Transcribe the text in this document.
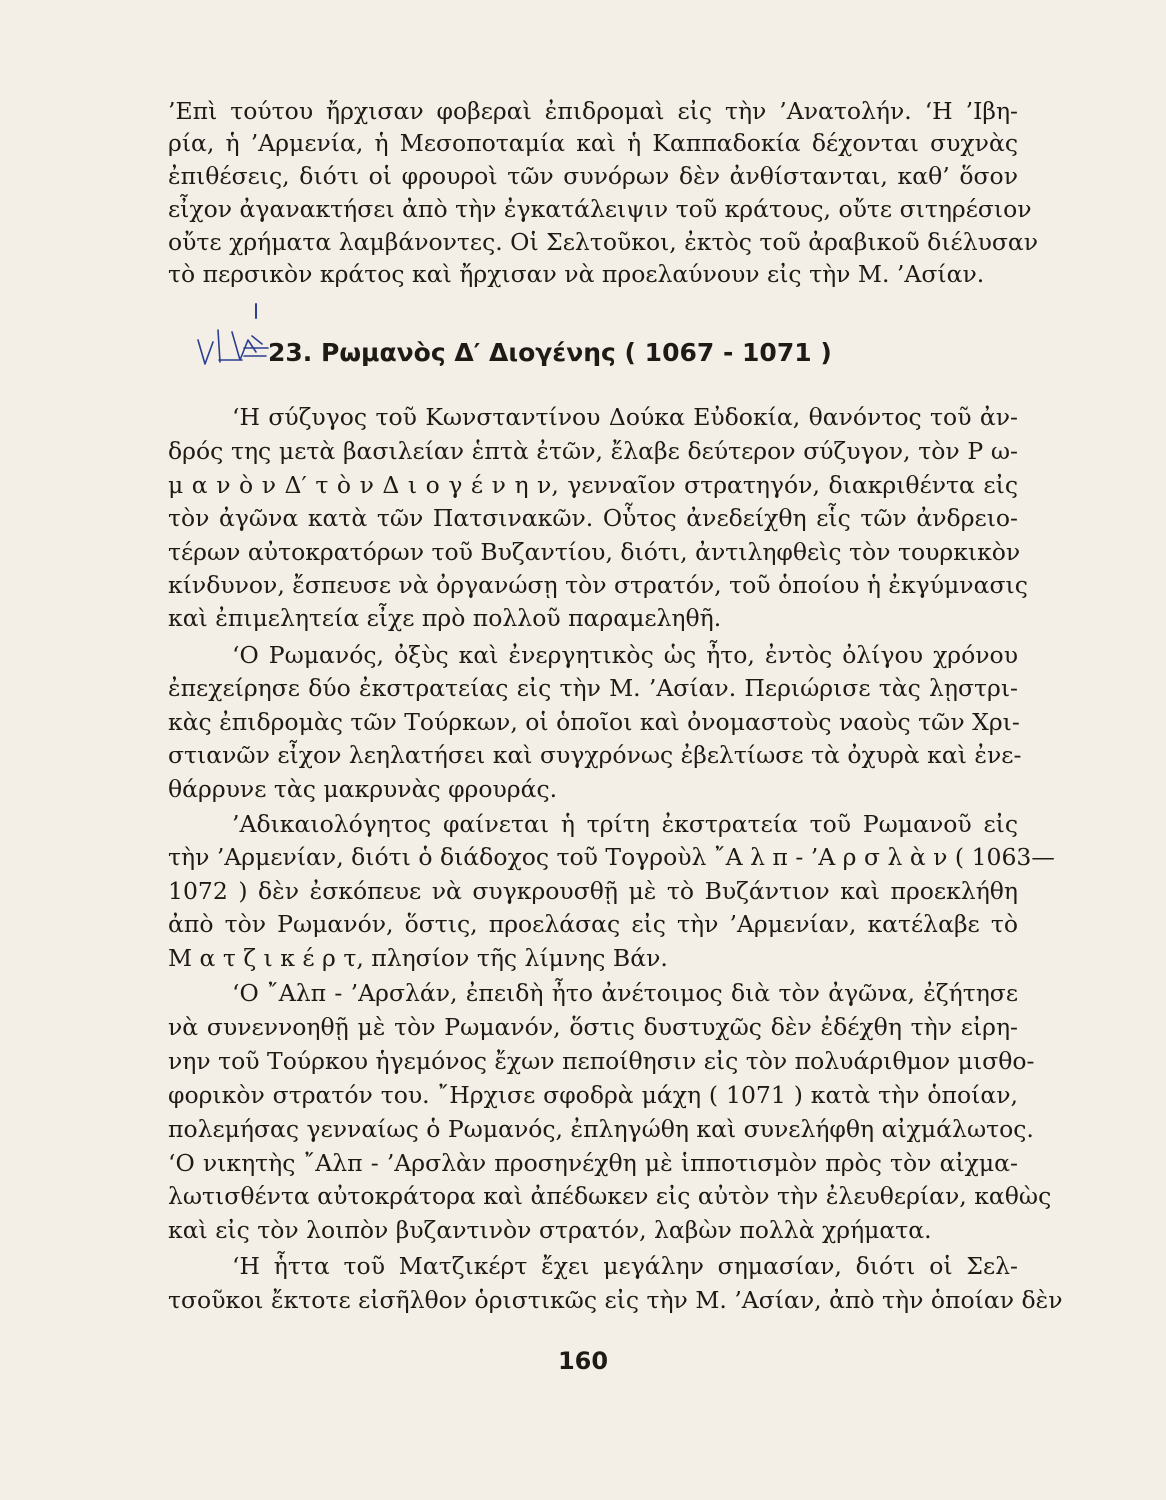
’Επὶ τούτου ἤρχισαν φοβεραὶ ἐπιδρομαὶ εἰς τὴν ’Ανατολήν. ‘Η ’Ιβη-
ρία, ἡ ’Αρμενία, ἡ Μεσοποταμία καὶ ἡ Καππαδοκία δέχονται συχνὰς
ἐπιθέσεις, διότι οἱ φρουροὶ τῶν συνόρων δὲν ἀνθίστανται, καθ’ ὅσον
εἶχον ἀγανακτήσει ἀπὸ τὴν ἐγκατάλειψιν τοῦ κράτους, οὔτε σιτηρέσιον
οὔτε χρήματα λαμβάνοντες. Οἱ Σελτοῦκοι, ἐκτὸς τοῦ ἀραβικοῦ διέλυσαν
τὸ περσικὸν κράτος καὶ ἤρχισαν νὰ προελαύνουν εἰς τὴν Μ. ’Ασίαν.
23. Ρωμανὸς Δ′ Διογένης ( 1067 - 1071 )
‘Η σύζυγος τοῦ Κωνσταντίνου Δούκα Εὐδοκία, θανόντος τοῦ ἀν-
δρός της μετὰ βασιλείαν ἑπτὰ ἐτῶν, ἔλαβε δεύτερον σύζυγον, τὸν Ρ ω-
μ α ν ὸ ν Δ′ τ ὸ ν Δ ι ο γ έ ν η ν, γενναῖον στρατηγόν, διακριθέντα εἰς
τὸν ἀγῶνα κατὰ τῶν Πατσινακῶν. Οὗτος ἀνεδείχθη εἷς τῶν ἀνδρειο-
τέρων αὐτοκρατόρων τοῦ Βυζαντίου, διότι, ἀντιληφθεὶς τὸν τουρκικὸν
κίνδυνον, ἔσπευσε νὰ ὀργανώσῃ τὸν στρατόν, τοῦ ὁποίου ἡ ἐκγύμνασις
καὶ ἐπιμελητεία εἶχε πρὸ πολλοῦ παραμεληθῆ.
‘Ο Ρωμανός, ὀξὺς καὶ ἐνεργητικὸς ὡς ἦτο, ἐντὸς ὀλίγου χρόνου
ἐπεχείρησε δύο ἐκστρατείας εἰς τὴν Μ. ’Ασίαν. Περιώρισε τὰς λῃστρι-
κὰς ἐπιδρομὰς τῶν Τούρκων, οἱ ὁποῖοι καὶ ὀνομαστοὺς ναοὺς τῶν Χρι-
στιανῶν εἶχον λεηλατήσει καὶ συγχρόνως ἐβελτίωσε τὰ ὀχυρὰ καὶ ἐνε-
θάρρυνε τὰς μακρυνὰς φρουράς.
’Αδικαιολόγητος φαίνεται ἡ τρίτη ἐκστρατεία τοῦ Ρωμανοῦ εἰς
τὴν ’Αρμενίαν, διότι ὁ διάδοχος τοῦ Τογροὺλ ῎Α λ π - ’Α ρ σ λ ὰ ν ( 1063—
1072 ) δὲν ἐσκόπευε νὰ συγκρουσθῇ μὲ τὸ Βυζάντιον καὶ προεκλήθη
ἀπὸ τὸν Ρωμανόν, ὅστις, προελάσας εἰς τὴν ’Αρμενίαν, κατέλαβε τὸ
Μ α τ ζ ι κ έ ρ τ, πλησίον τῆς λίμνης Βάν.
‘Ο ῎Αλπ - ’Αρσλάν, ἐπειδὴ ἦτο ἀνέτοιμος διὰ τὸν ἀγῶνα, ἐζήτησε
νὰ συνεννοηθῇ μὲ τὸν Ρωμανόν, ὅστις δυστυχῶς δὲν ἐδέχθη τὴν εἰρη-
νην τοῦ Τούρκου ἡγεμόνος ἔχων πεποίθησιν εἰς τὸν πολυάριθμον μισθο-
φορικὸν στρατόν του. ῎Ηρχισε σφοδρὰ μάχη ( 1071 ) κατὰ τὴν ὁποίαν,
πολεμήσας γενναίως ὁ Ρωμανός, ἐπληγώθη καὶ συνελήφθη αἰχμάλωτος.
‘Ο νικητὴς ῎Αλπ - ’Αρσλὰν προσηνέχθη μὲ ἱπποτισμὸν πρὸς τὸν αἰχμα-
λωτισθέντα αὐτοκράτορα καὶ ἀπέδωκεν εἰς αὐτὸν τὴν ἐλευθερίαν, καθὼς
καὶ εἰς τὸν λοιπὸν βυζαντινὸν στρατόν, λαβὼν πολλὰ χρήματα.
‘Η ἧττα τοῦ Ματζικέρτ ἔχει μεγάλην σημασίαν, διότι οἱ Σελ-
τσοῦκοι ἔκτοτε εἰσῆλθον ὁριστικῶς εἰς τὴν Μ. ’Ασίαν, ἀπὸ τὴν ὁποίαν δὲν
160
